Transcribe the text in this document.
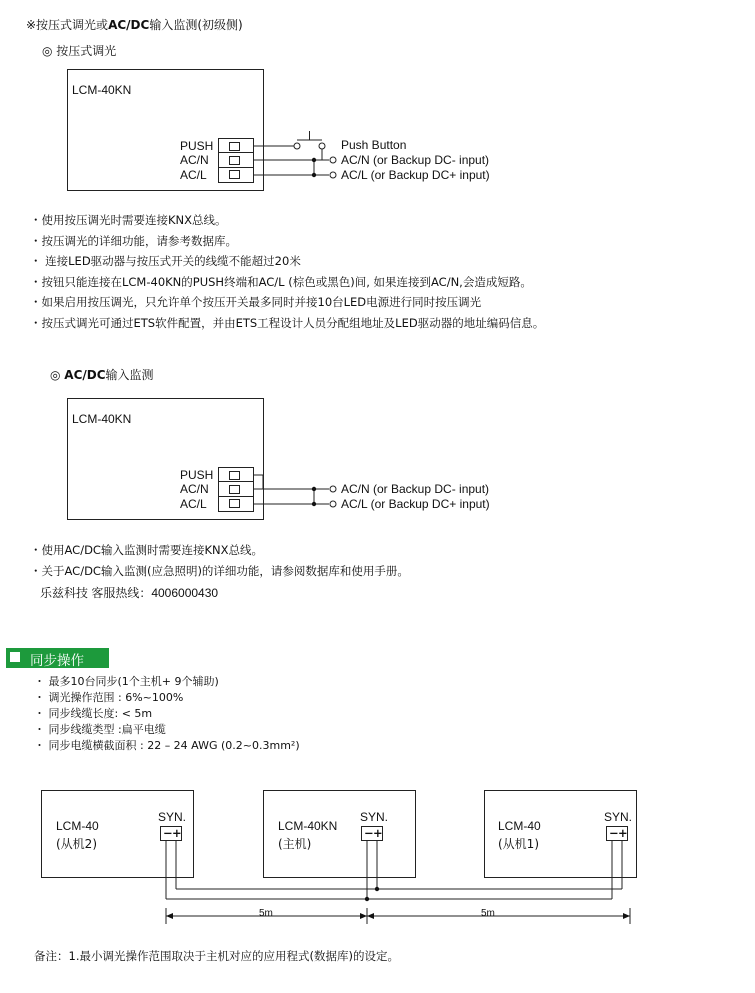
※按压式调光或AC/DC输入监测(初级侧)
◎ 按压式调光
LCM-40KN
PUSH
AC/N
AC/L
Push Button
AC/N (or Backup DC- input)
AC/L (or Backup DC+ input)
・使用按压调光时需要连接KNX总线。
・按压调光的详细功能，请参考数据库。
・ 连接LED驱动器与按压式开关的线缆不能超过20米
・按钮只能连接在LCM-40KN的PUSH终端和AC/L (棕色或黑色)间, 如果连接到AC/N,会造成短路。
・如果启用按压调光，只允许单个按压开关最多同时并接10台LED电源进行同时按压调光
・按压式调光可通过ETS软件配置，并由ETS工程设计人员分配组地址及LED驱动器的地址编码信息。
◎ AC/DC输入监测
LCM-40KN
PUSH
AC/N
AC/L
AC/N (or Backup DC- input)
AC/L (or Backup DC+ input)
・使用AC/DC输入监测时需要连接KNX总线。
・关于AC/DC输入监测(应急照明)的详细功能，请参阅数据库和使用手册。
乐兹科技 客服热线：4006000430
同步操作
・ 最多10台同步(1个主机+ 9个辅助)
・ 调光操作范围 : 6%~100%
・ 同步线缆长度: < 5m
・ 同步线缆类型 :扁平电缆
・ 同步电缆横截面积 : 22 – 24 AWG (0.2~0.3mm²)
LCM-40
(从机2)
SYN.
− +	LCM-40KN
(主机)
SYN.
− +	LCM-40
(从机1)
SYN.
− +
5m	5m
备注：1.最小调光操作范围取决于主机对应的应用程式(数据库)的设定。
